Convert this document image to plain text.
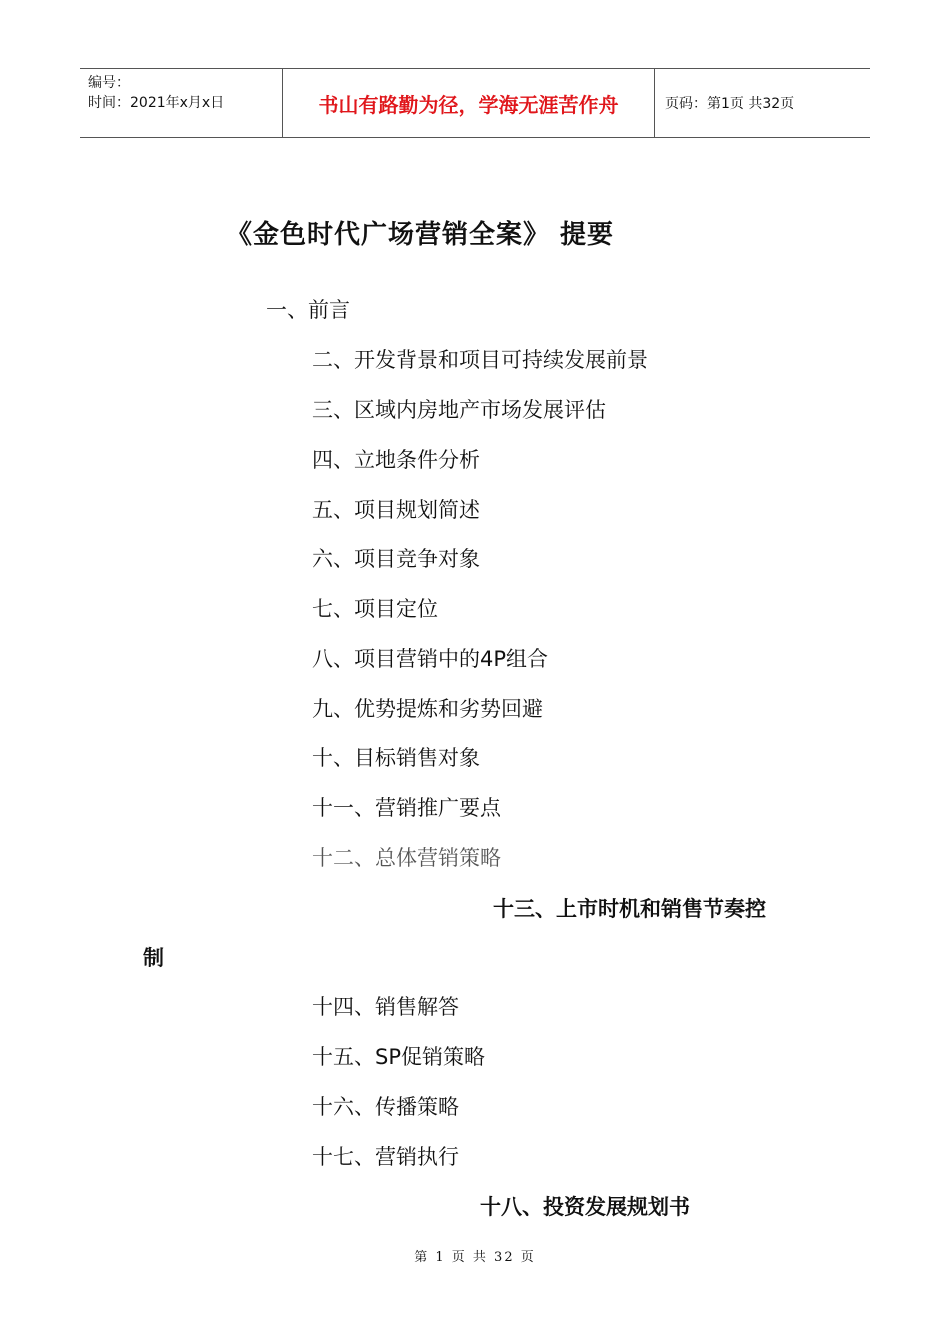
编号：
时间：2021年x月x日	书山有路勤为径，学海无涯苦作舟	页码：第1页 共32页
《金色时代广场营销全案》 提要
一、前言
二、开发背景和项目可持续发展前景
三、区域内房地产市场发展评估
四、立地条件分析
五、项目规划简述
六、项目竞争对象
七、项目定位
八、项目营销中的4P组合
九、优势提炼和劣势回避
十、目标销售对象
十一、营销推广要点
十二、总体营销策略
十三、上市时机和销售节奏控
制
十四、销售解答
十五、SP促销策略
十六、传播策略
十七、营销执行
十八、投资发展规划书
第 1 页 共 32 页
